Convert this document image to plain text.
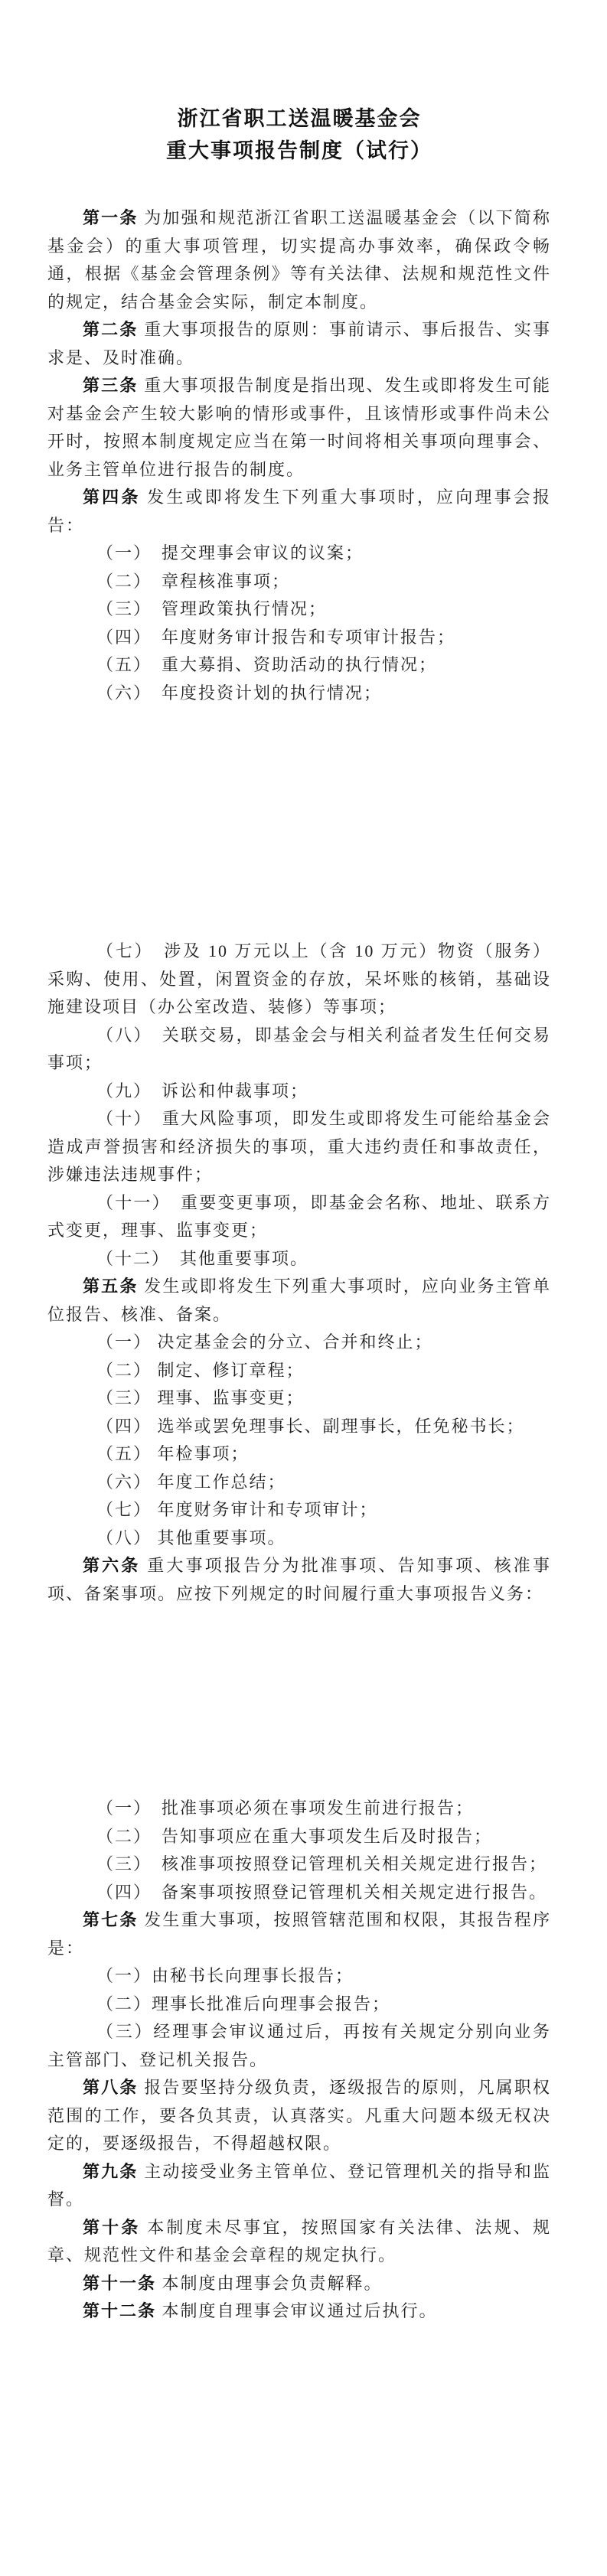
浙江省职工送温暖基金会
重大事项报告制度（试行）

第一条 为加强和规范浙江省职工送温暖基金会（以下简称基金会）的重大事项管理，切实提高办事效率，确保政令畅通，根据《基金会管理条例》等有关法律、法规和规范性文件的规定，结合基金会实际，制定本制度。

第二条 重大事项报告的原则：事前请示、事后报告、实事求是、及时准确。

第三条 重大事项报告制度是指出现、发生或即将发生可能对基金会产生较大影响的情形或事件，且该情形或事件尚未公开时，按照本制度规定应当在第一时间将相关事项向理事会、业务主管单位进行报告的制度。

第四条 发生或即将发生下列重大事项时，应向理事会报告：

（一）　提交理事会审议的议案；

（二）　章程核准事项；

（三）　管理政策执行情况；

（四）　年度财务审计报告和专项审计报告；

（五）　重大募捐、资助活动的执行情况；

（六）　年度投资计划的执行情况；

（七）　涉及 10 万元以上（含 10 万元）物资（服务）采购、使用、处置，闲置资金的存放，呆坏账的核销，基础设施建设项目（办公室改造、装修）等事项；

（八）　关联交易，即基金会与相关利益者发生任何交易事项；

（九）　诉讼和仲裁事项；

（十）　重大风险事项，即发生或即将发生可能给基金会造成声誉损害和经济损失的事项，重大违约责任和事故责任，涉嫌违法违规事件；

（十一）　重要变更事项，即基金会名称、地址、联系方式变更，理事、监事变更；

（十二）　其他重要事项。

第五条 发生或即将发生下列重大事项时，应向业务主管单位报告、核准、备案。

（一） 决定基金会的分立、合并和终止；

（二） 制定、修订章程；

（三） 理事、监事变更；

（四） 选举或罢免理事长、副理事长，任免秘书长；

（五） 年检事项；

（六） 年度工作总结；

（七） 年度财务审计和专项审计；

（八） 其他重要事项。

第六条 重大事项报告分为批准事项、告知事项、核准事项、备案事项。应按下列规定的时间履行重大事项报告义务：

（一）　批准事项必须在事项发生前进行报告；

（二）　告知事项应在重大事项发生后及时报告；

（三）　核准事项按照登记管理机关相关规定进行报告；

（四）　备案事项按照登记管理机关相关规定进行报告。

第七条 发生重大事项，按照管辖范围和权限，其报告程序是：

（一）由秘书长向理事长报告；

（二）理事长批准后向理事会报告；

（三）经理事会审议通过后，再按有关规定分别向业务主管部门、登记机关报告。

第八条 报告要坚持分级负责，逐级报告的原则，凡属职权范围的工作，要各负其责，认真落实。凡重大问题本级无权决定的，要逐级报告，不得超越权限。

第九条 主动接受业务主管单位、登记管理机关的指导和监督。

第十条 本制度未尽事宜，按照国家有关法律、法规、规章、规范性文件和基金会章程的规定执行。

第十一条 本制度由理事会负责解释。

第十二条 本制度自理事会审议通过后执行。
